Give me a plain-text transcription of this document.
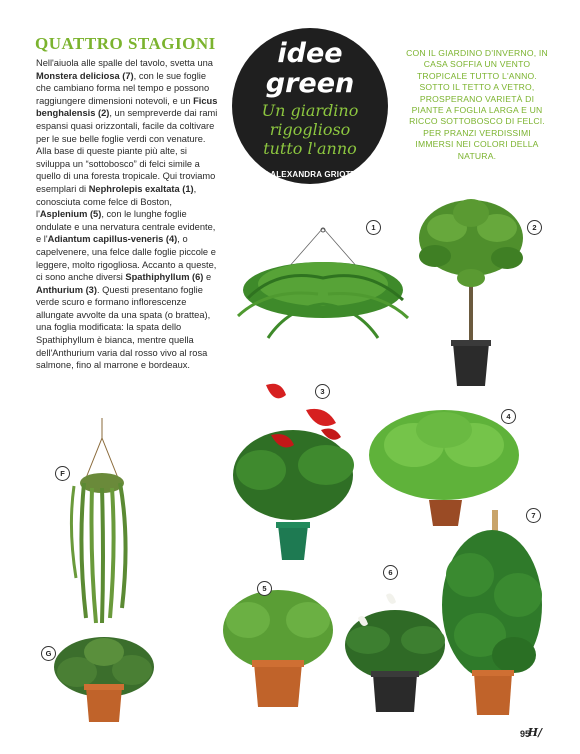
QUATTRO STAGIONI

Nell'aiuola alle spalle del tavolo, svetta una Monstera deliciosa (7), con le sue foglie che cambiano forma nel tempo e possono raggiungere dimensioni notevoli, e un Ficus benghalensis (2), un sempreverde dai rami espansi quasi orizzontali, facile da coltivare per le sue belle foglie verdi con venature.

Alla base di queste piante più alte, si sviluppa un “sottobosco” di felci simile a quello di una foresta tropicale. Qui troviamo esemplari di Nephrolepis exaltata (1), conosciuta come felce di Boston, l'Asplenium (5), con le lunghe foglie ondulate e una nervatura centrale evidente, e l'Adiantum capillus-veneris (4), o capelvenere, una felce dalle foglie piccole e leggere, molto rigogliosa. Accanto a queste, ci sono anche diversi Spathiphyllum (6) e Anthurium (3). Questi presentano foglie verde scuro e formano inflorescenze allungate avvolte da una spata (o brattea), una foglia modificata: la spata dello Spathiphyllum è bianca, mentre quella dell'Anthurium varia dal rosso vivo al rosa salmone, fino al marrone e bordeaux.

idee
green
Un giardino rigoglioso tutto l'anno
di ALEXANDRA GRIOTTI
CON IL GIARDINO D'INVERNO, IN CASA SOFFIA UN VENTO TROPICALE TUTTO L'ANNO. SOTTO IL TETTO A VETRO, PROSPERANO VARIETÀ DI PIANTE A FOGLIA LARGA E UN RICCO SOTTOBOSCO DI FELCI. PER PRANZI VERDISSIMI IMMERSI NEI COLORI DELLA NATURA.
1	2
3
4
5
6
7
F
G
95
H/
